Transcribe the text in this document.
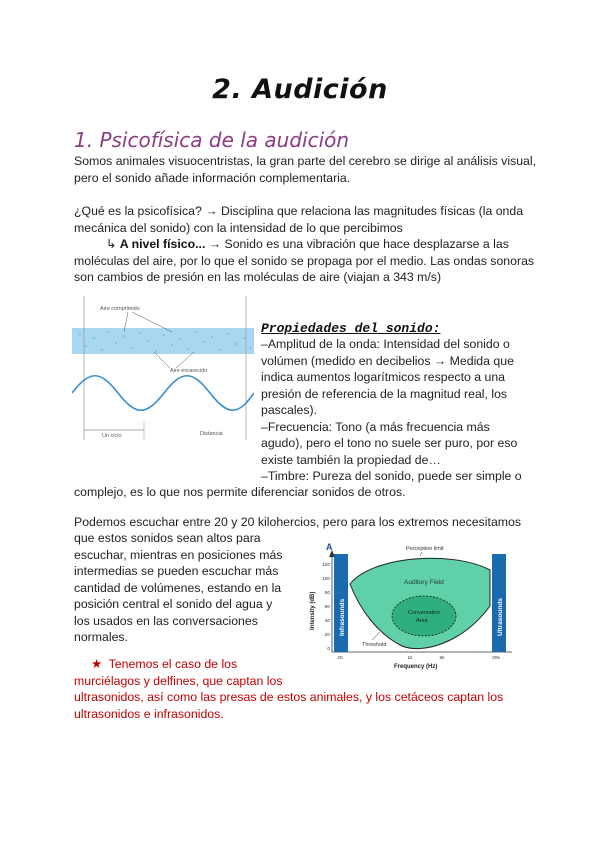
2. Audición
1. Psicofísica de la audición
Somos animales visuocentristas, la gran parte del cerebro se dirige al análisis visual,
pero el sonido añade información complementaria.
¿Qué es la psicofísica? → Disciplina que relaciona las magnitudes físicas (la onda
mecánica del sonido) con la intensidad de lo que percibimos
↳ A nivel físico... → Sonido es una vibración que hace desplazarse a las
moléculas del aire, por lo que el sonido se propaga por el medio. Las ondas sonoras
son cambios de presión en las moléculas de aire (viajan a 343 m/s)
Aire comprimido
Aire enrarecido
Un ciclo	Distancia
Propiedades del sonido:
–Amplitud de la onda: Intensidad del sonido o
volúmen (medido en decibelios → Medida que
indica aumentos logarítmicos respecto a una
presión de referencia de la magnitud real, los
pascales).
–Frecuencia: Tono (a más frecuencia más
agudo), pero el tono no suele ser puro, por eso
existe también la propiedad de…
–Timbre: Pureza del sonido, puede ser simple o
complejo, es lo que nos permite diferenciar sonidos de otros.
Podemos escuchar entre 20 y 20 kilohercios, pero para los extremos necesitamos
que estos sonidos sean altos para
escuchar, mientras en posiciones más
intermedias se pueden escuchar más
cantidad de volúmenes, estando en la
posición central el sonido del agua y
los usados en las conversaciones
normales.
A
Infrasounds	Ultrasounds
Perception limit
Auditory Field
Conversation
Area
Threshold
Intensity (dB)
Frequency (Hz)
120
100
80
60
40
20
0
20	1k	5k	20k
★ Tenemos el caso de los
murciélagos y delfines, que captan los
ultrasonidos, así como las presas de estos animales, y los cetáceos captan los
ultrasonidos e infrasonidos.
